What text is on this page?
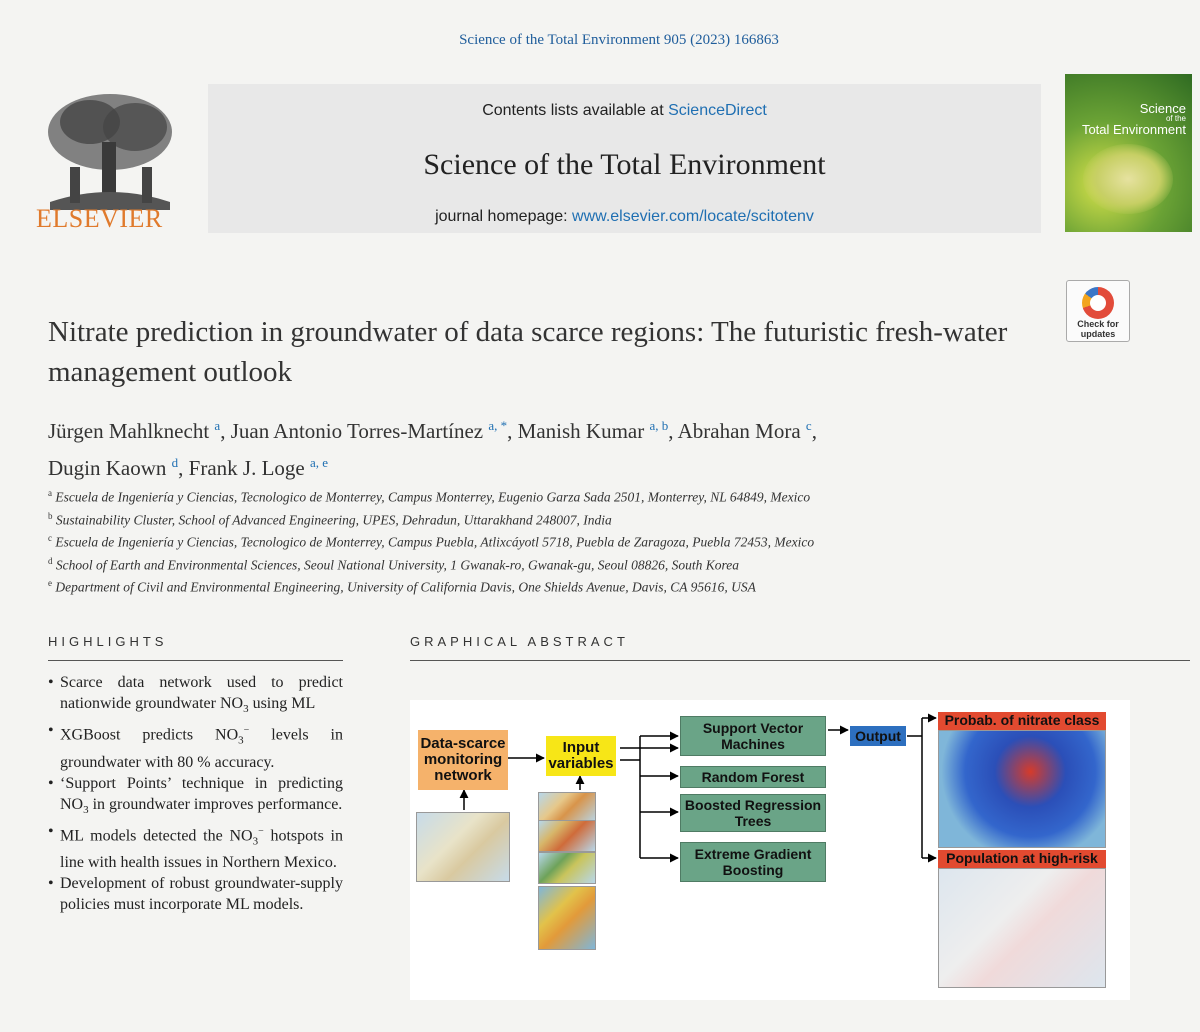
Science of the Total Environment 905 (2023) 166863
ELSEVIER
Contents lists available at ScienceDirect
Science of the Total Environment
journal homepage: www.elsevier.com/locate/scitotenv
Science
of the
Total Environment
Check for
updates
Nitrate prediction in groundwater of data scarce regions: The futuristic fresh-water management outlook
Jürgen Mahlknecht $^a$, Juan Antonio Torres-Martínez $^{a, *}$, Manish Kumar $^{a, b}$, Abrahan Mora $^c$,
Dugin Kaown $^d$, Frank J. Loge $^{a, e}$
$^a$ Escuela de Ingeniería y Ciencias, Tecnologico de Monterrey, Campus Monterrey, Eugenio Garza Sada 2501, Monterrey, NL 64849, Mexico
$^b$ Sustainability Cluster, School of Advanced Engineering, UPES, Dehradun, Uttarakhand 248007, India
$^c$ Escuela de Ingeniería y Ciencias, Tecnologico de Monterrey, Campus Puebla, Atlixcáyotl 5718, Puebla de Zaragoza, Puebla 72453, Mexico
$^d$ School of Earth and Environmental Sciences, Seoul National University, 1 Gwanak-ro, Gwanak-gu, Seoul 08826, South Korea
$^e$ Department of Civil and Environmental Engineering, University of California Davis, One Shields Avenue, Davis, CA 95616, USA
HIGHLIGHTS	GRAPHICAL ABSTRACT
• Scarce data network used to predict nationwide groundwater $NO_3$ using ML
• XGBoost predicts $NO_3^-$ levels in groundwater with 80 % accuracy.
• ‘Support Points’ technique in predicting $NO_3$ in groundwater improves performance.
• ML models detected the $NO_3^-$ hotspots in line with health issues in Northern Mexico.
• Development of robust groundwater-supply policies must incorporate ML models.
Data-scarce monitoring network
Input variables
Support Vector Machines
Random Forest
Boosted Regression Trees
Extreme Gradient Boosting
Output
Probab. of nitrate class
Population at high-risk
